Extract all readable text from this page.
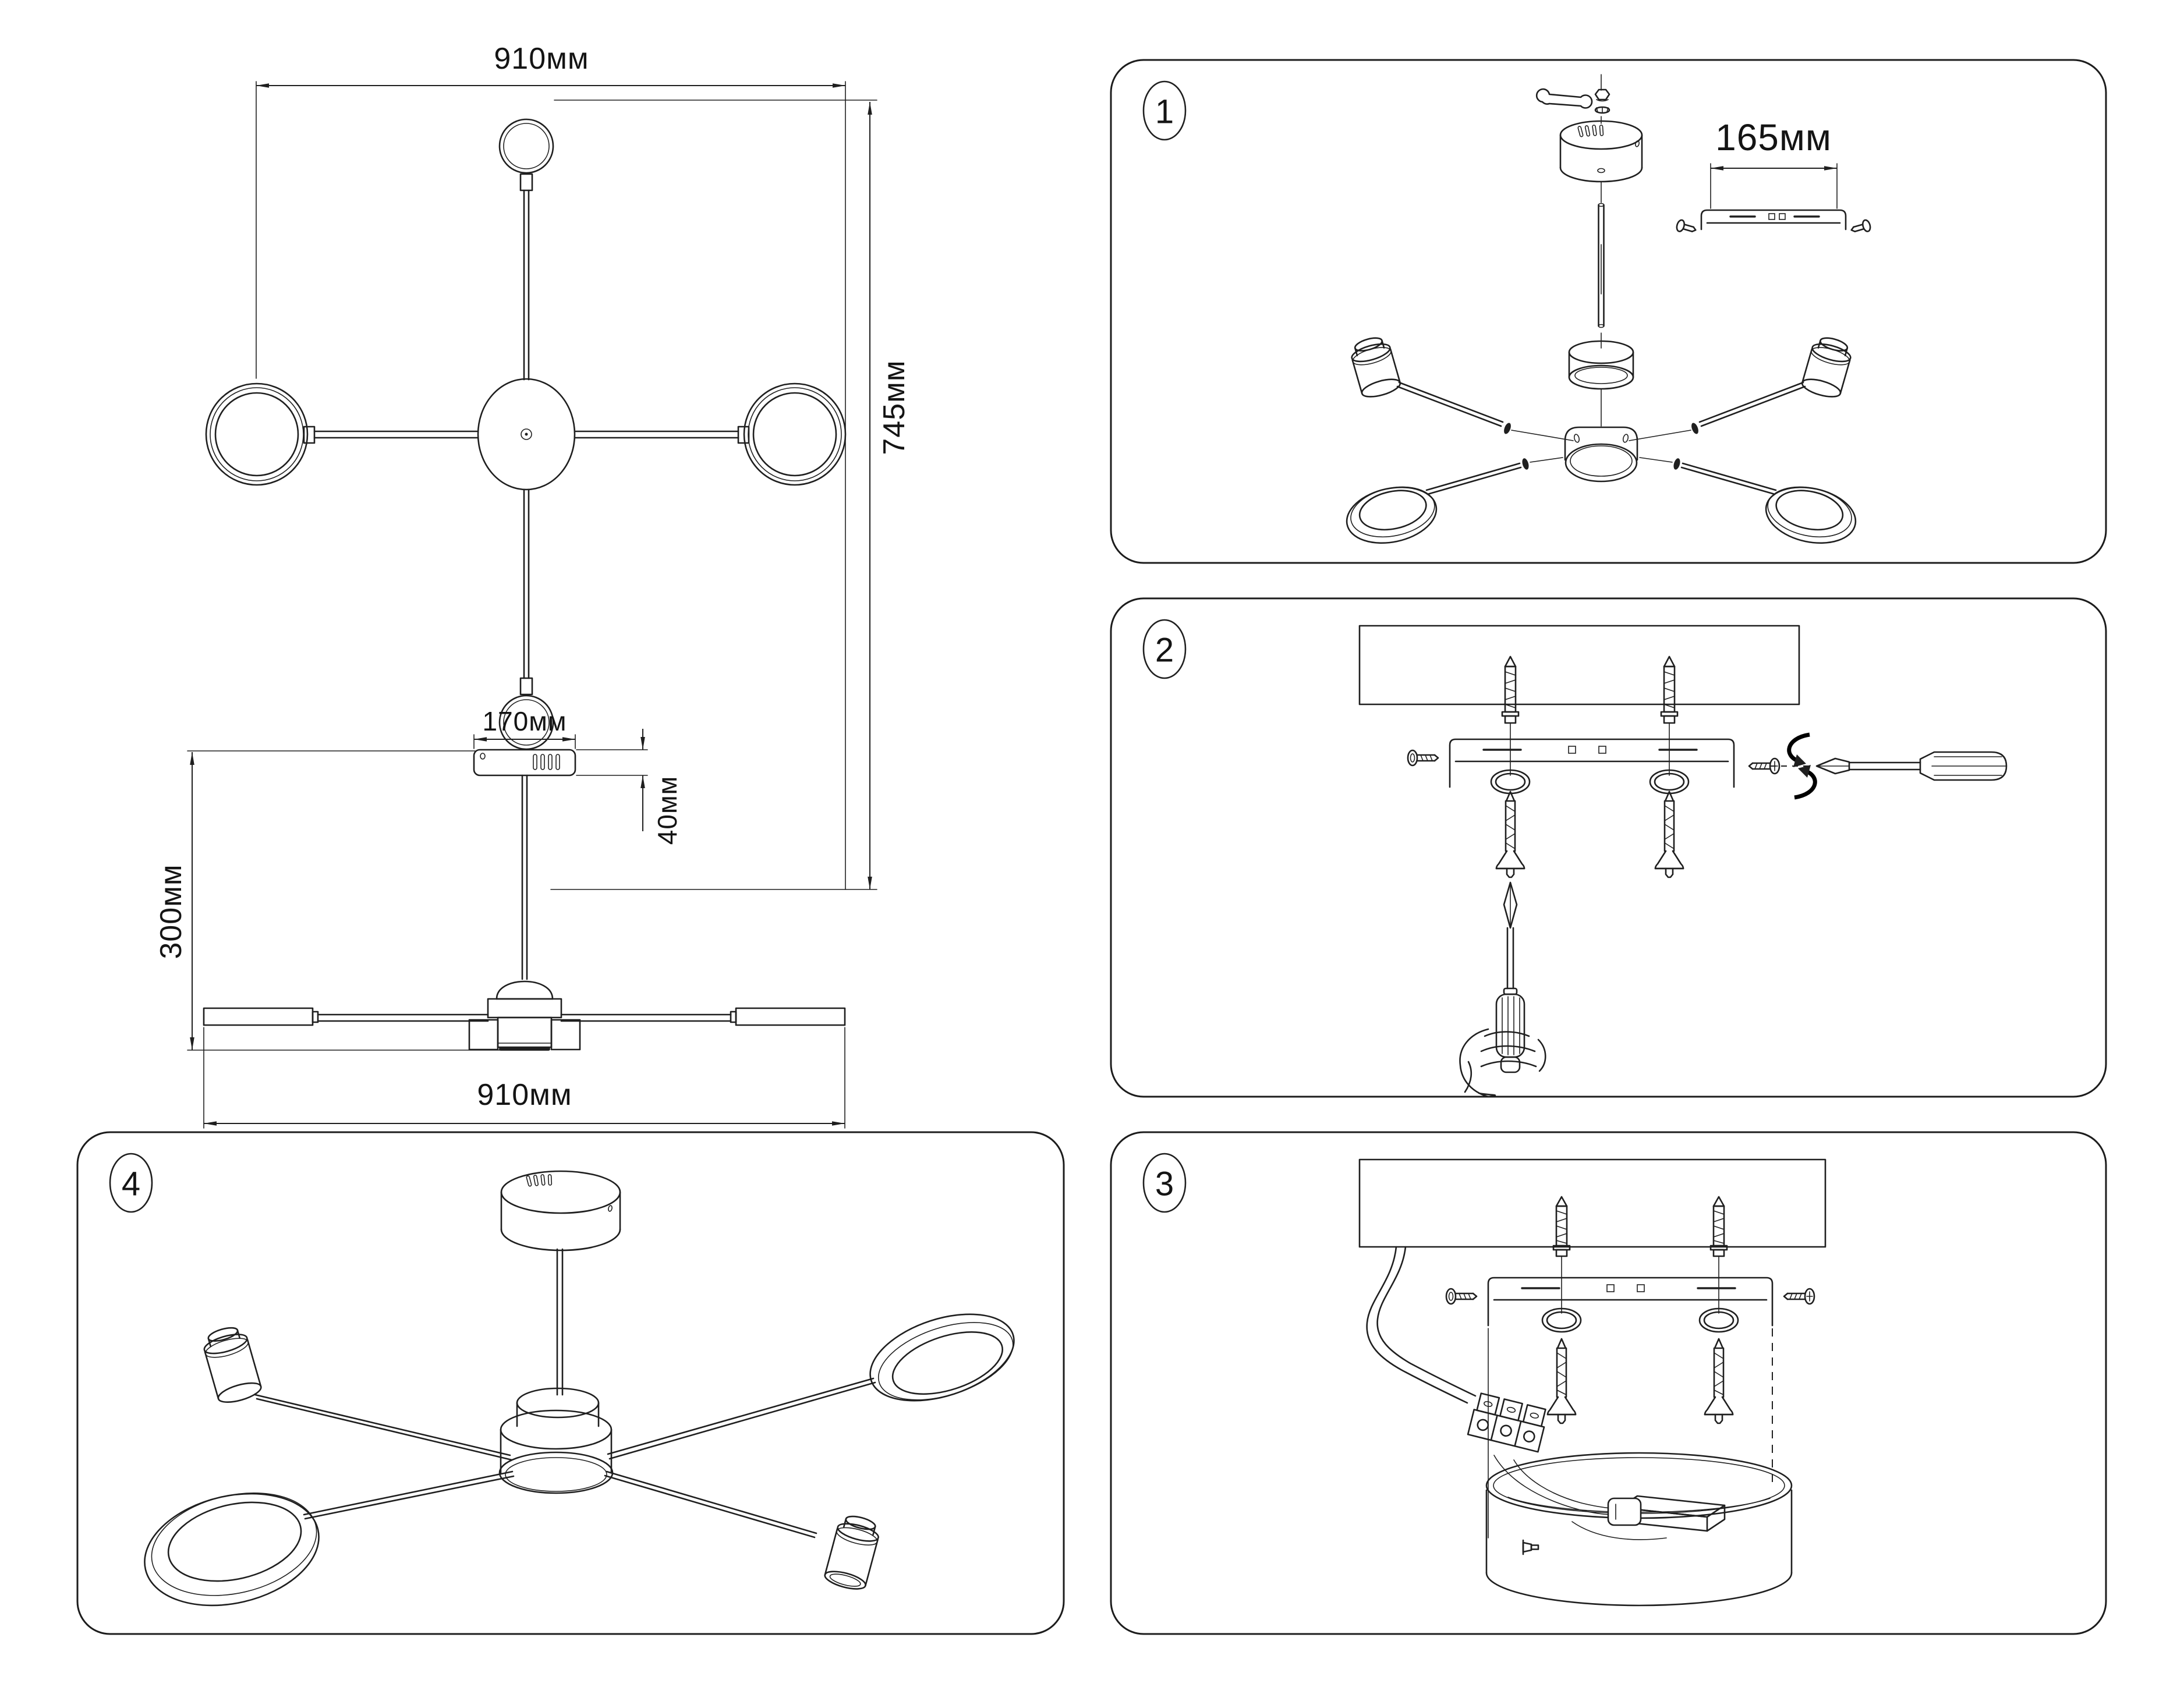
910мм
745мм
170мм
40мм
300мм
910мм
1
165мм
2
4	3
